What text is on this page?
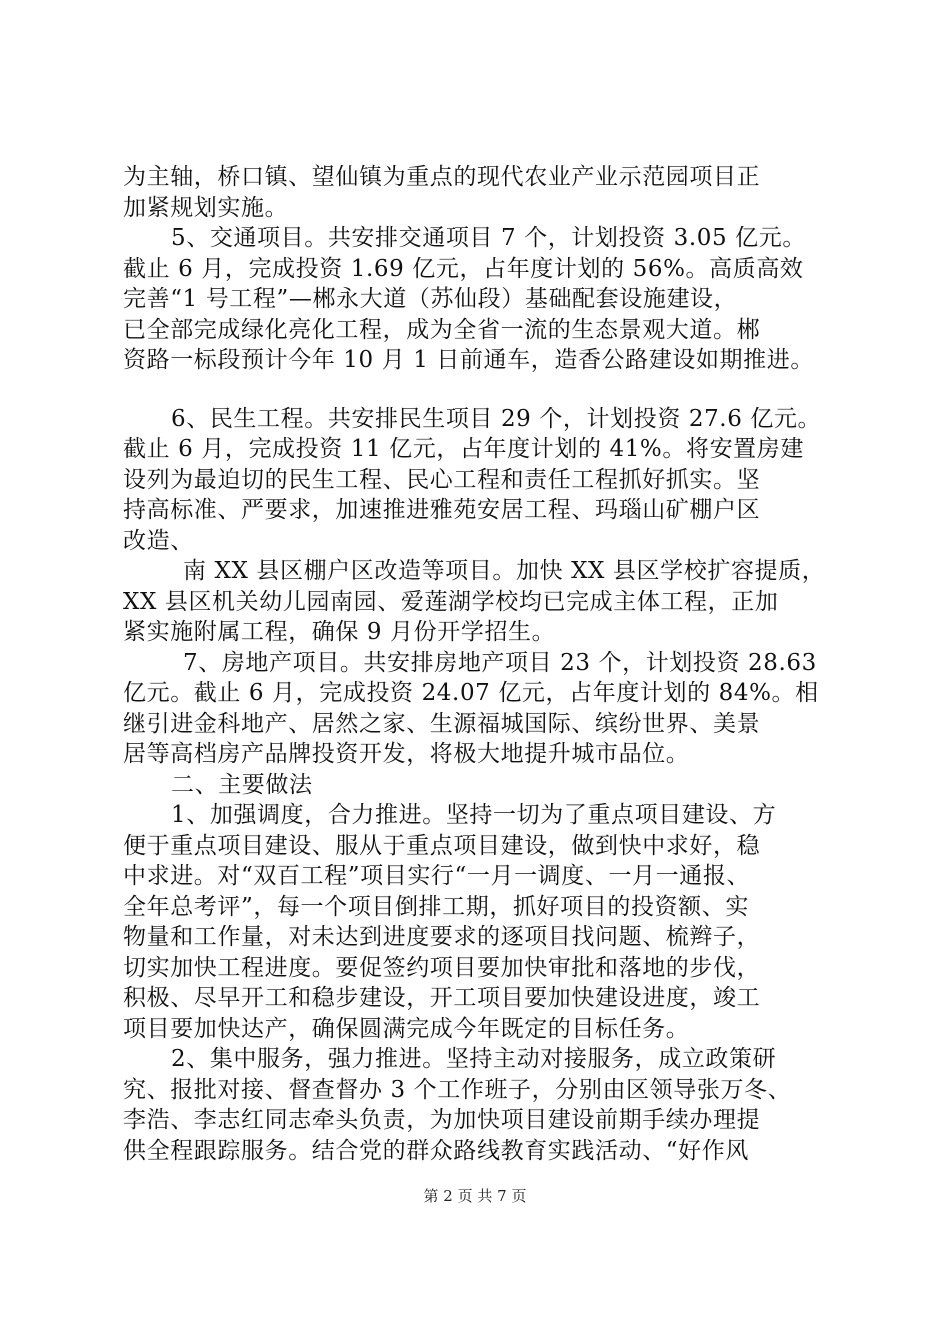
为主轴，桥口镇、望仙镇为重点的现代农业产业示范园项目正
加紧规划实施。
5、交通项目。共安排交通项目 7 个，计划投资 3.05 亿元。
截止 6 月，完成投资 1.69 亿元，占年度计划的 56%。高质高效
完善“1 号工程”—郴永大道（苏仙段）基础配套设施建设，
已全部完成绿化亮化工程，成为全省一流的生态景观大道。郴
资路一标段预计今年 10 月 1 日前通车，造香公路建设如期推进。
6、民生工程。共安排民生项目 29 个，计划投资 27.6 亿元。
截止 6 月，完成投资 11 亿元，占年度计划的 41%。将安置房建
设列为最迫切的民生工程、民心工程和责任工程抓好抓实。坚
持高标准、严要求，加速推进雅苑安居工程、玛瑙山矿棚户区
改造、
南 XX 县区棚户区改造等项目。加快 XX 县区学校扩容提质，
XX 县区机关幼儿园南园、爱莲湖学校均已完成主体工程，正加
紧实施附属工程，确保 9 月份开学招生。
7、房地产项目。共安排房地产项目 23 个，计划投资 28.63
亿元。截止 6 月，完成投资 24.07 亿元，占年度计划的 84%。相
继引进金科地产、居然之家、生源福城国际、缤纷世界、美景
居等高档房产品牌投资开发，将极大地提升城市品位。
二、主要做法
1、加强调度，合力推进。坚持一切为了重点项目建设、方
便于重点项目建设、服从于重点项目建设，做到快中求好，稳
中求进。对“双百工程”项目实行“一月一调度、一月一通报、
全年总考评”，每一个项目倒排工期，抓好项目的投资额、实
物量和工作量，对未达到进度要求的逐项目找问题、梳辫子，
切实加快工程进度。要促签约项目要加快审批和落地的步伐，
积极、尽早开工和稳步建设，开工项目要加快建设进度，竣工
项目要加快达产，确保圆满完成今年既定的目标任务。
2、集中服务，强力推进。坚持主动对接服务，成立政策研
究、报批对接、督查督办 3 个工作班子，分别由区领导张万冬、
李浩、李志红同志牵头负责，为加快项目建设前期手续办理提
供全程跟踪服务。结合党的群众路线教育实践活动、“好作风
第 2 页 共 7 页
